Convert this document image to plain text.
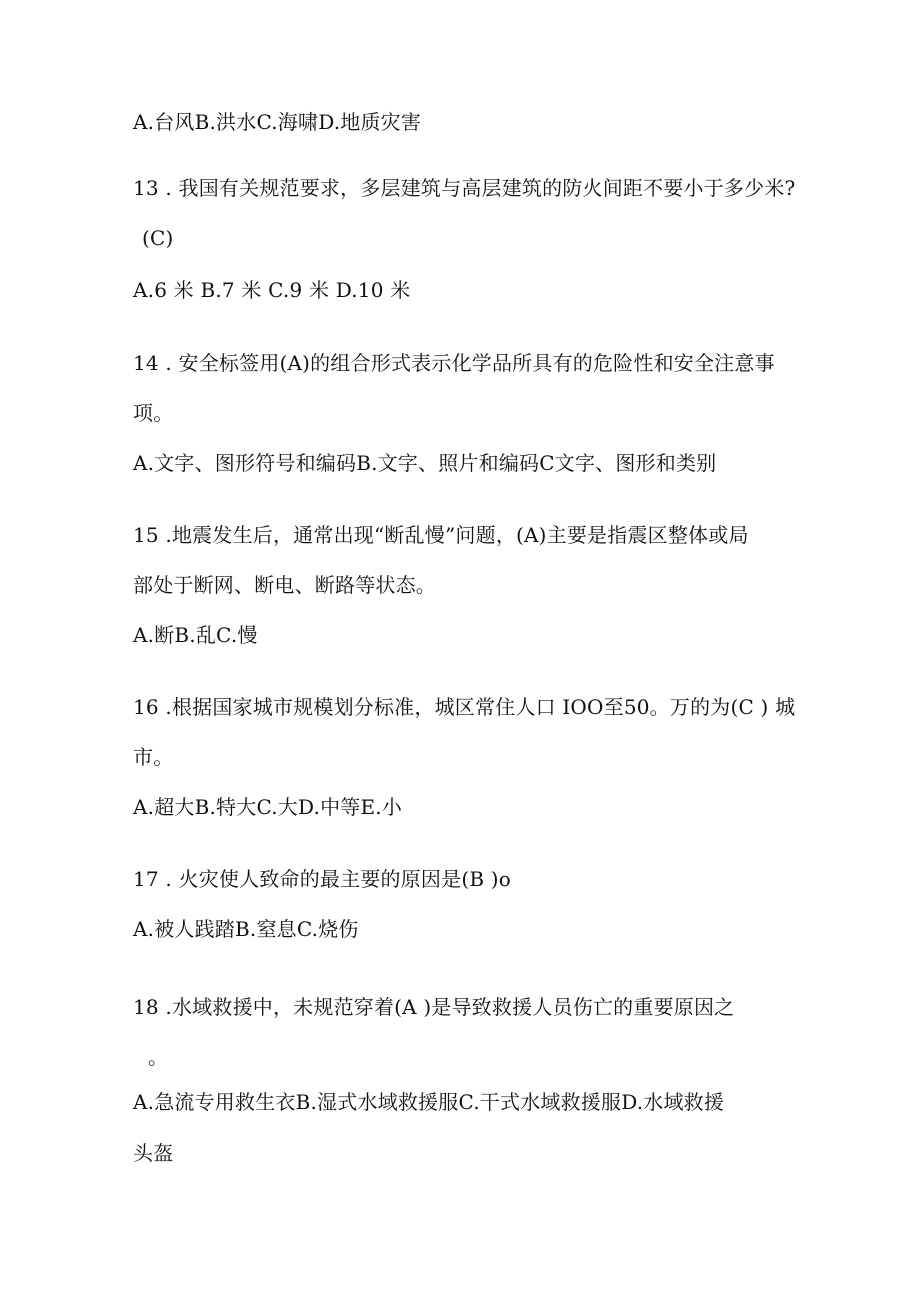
A.台风B.洪水C.海啸D.地质灾害
13 . 我国有关规范要求，多层建筑与高层建筑的防火间距不要小于多少米?
(C)
A.6 米 B.7 米 C.9 米 D.10 米
14 . 安全标签用(A)的组合形式表示化学品所具有的危险性和安全注意事
项。
A.文字、图形符号和编码B.文字、照片和编码C文字、图形和类别
15 .地震发生后，通常出现“断乱慢”问题，(A)主要是指震区整体或局
部处于断网、断电、断路等状态。
A.断B.乱C.慢
16 .根据国家城市规模划分标准，城区常住人口 IOO至50。万的为(C ) 城
市。
A.超大B.特大C.大D.中等E.小
17 . 火灾使人致命的最主要的原因是(B )o
A.被人践踏B.窒息C.烧伤
18 .水域救援中，未规范穿着(A )是导致救援人员伤亡的重要原因之
。
A.急流专用救生衣B.湿式水域救援服C.干式水域救援服D.水域救援
头盔
